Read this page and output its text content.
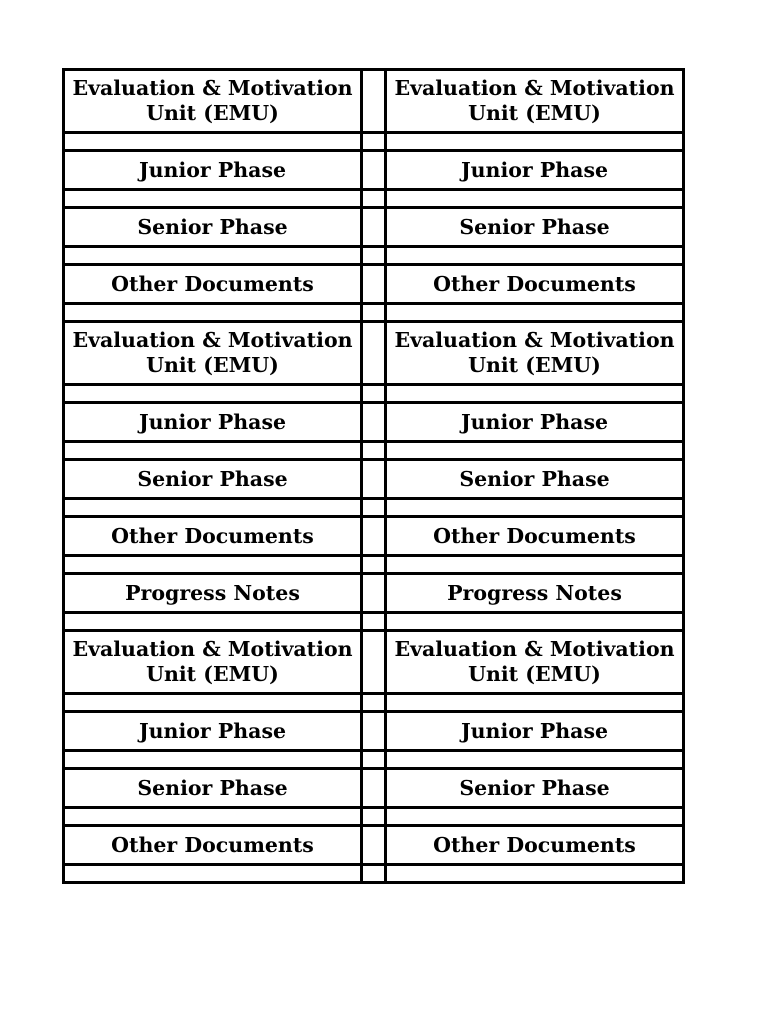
Evaluation & Motivation Unit (EMU)		Evaluation & Motivation Unit (EMU)

Junior Phase		Junior Phase

Senior Phase		Senior Phase

Other Documents		Other Documents

Evaluation & Motivation Unit (EMU)		Evaluation & Motivation Unit (EMU)

Junior Phase		Junior Phase

Senior Phase		Senior Phase

Other Documents		Other Documents

Progress Notes		Progress Notes

Evaluation & Motivation Unit (EMU)		Evaluation & Motivation Unit (EMU)

Junior Phase		Junior Phase

Senior Phase		Senior Phase

Other Documents		Other Documents
